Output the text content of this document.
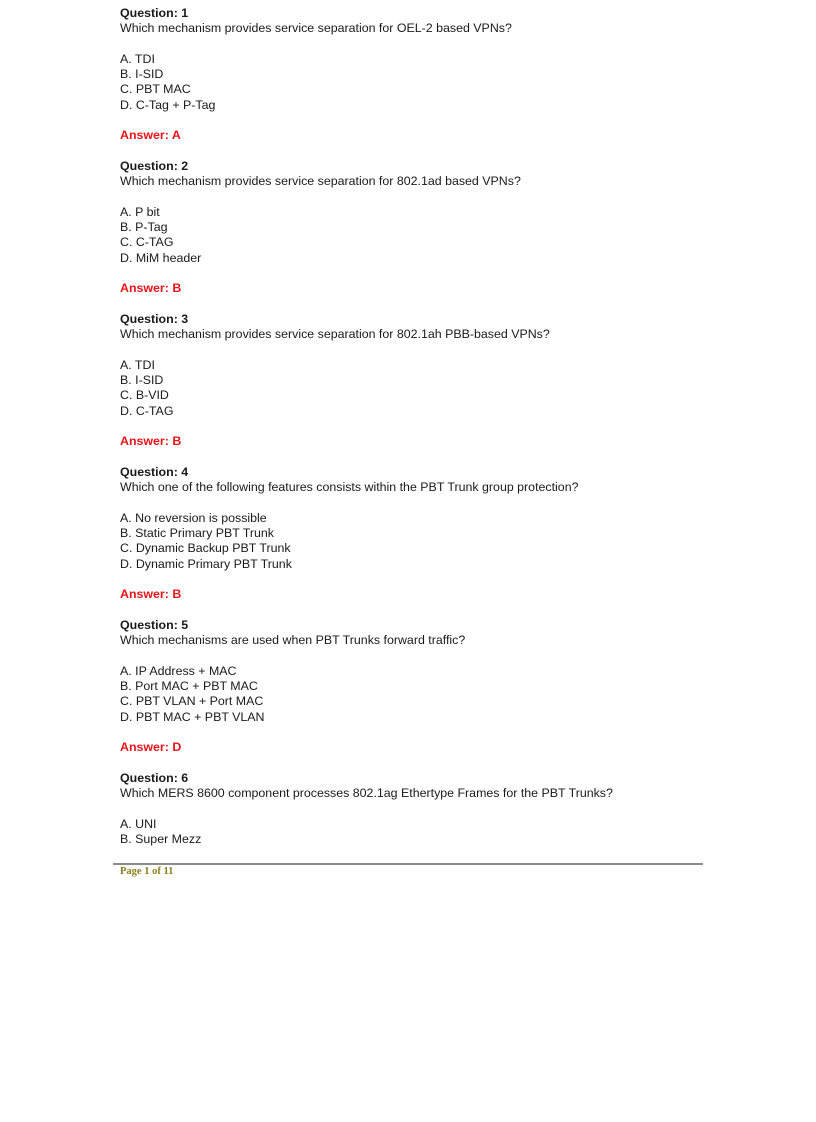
Question: 1
Which mechanism provides service separation for OEL-2 based VPNs?
A. TDI
B. I-SID
C. PBT MAC
D. C-Tag + P-Tag
Answer: A
Question: 2
Which mechanism provides service separation for 802.1ad based VPNs?
A. P bit
B. P-Tag
C. C-TAG
D. MiM header
Answer: B
Question: 3
Which mechanism provides service separation for 802.1ah PBB-based VPNs?
A. TDI
B. I-SID
C. B-VID
D. C-TAG
Answer: B
Question: 4
Which one of the following features consists within the PBT Trunk group protection?
A. No reversion is possible
B. Static Primary PBT Trunk
C. Dynamic Backup PBT Trunk
D. Dynamic Primary PBT Trunk
Answer: B
Question: 5
Which mechanisms are used when PBT Trunks forward traffic?
A. IP Address + MAC
B. Port MAC + PBT MAC
C. PBT VLAN + Port MAC
D. PBT MAC + PBT VLAN
Answer: D
Question: 6
Which MERS 8600 component processes 802.1ag Ethertype Frames for the PBT Trunks?
A. UNI
B. Super Mezz
Page 1 of 11
